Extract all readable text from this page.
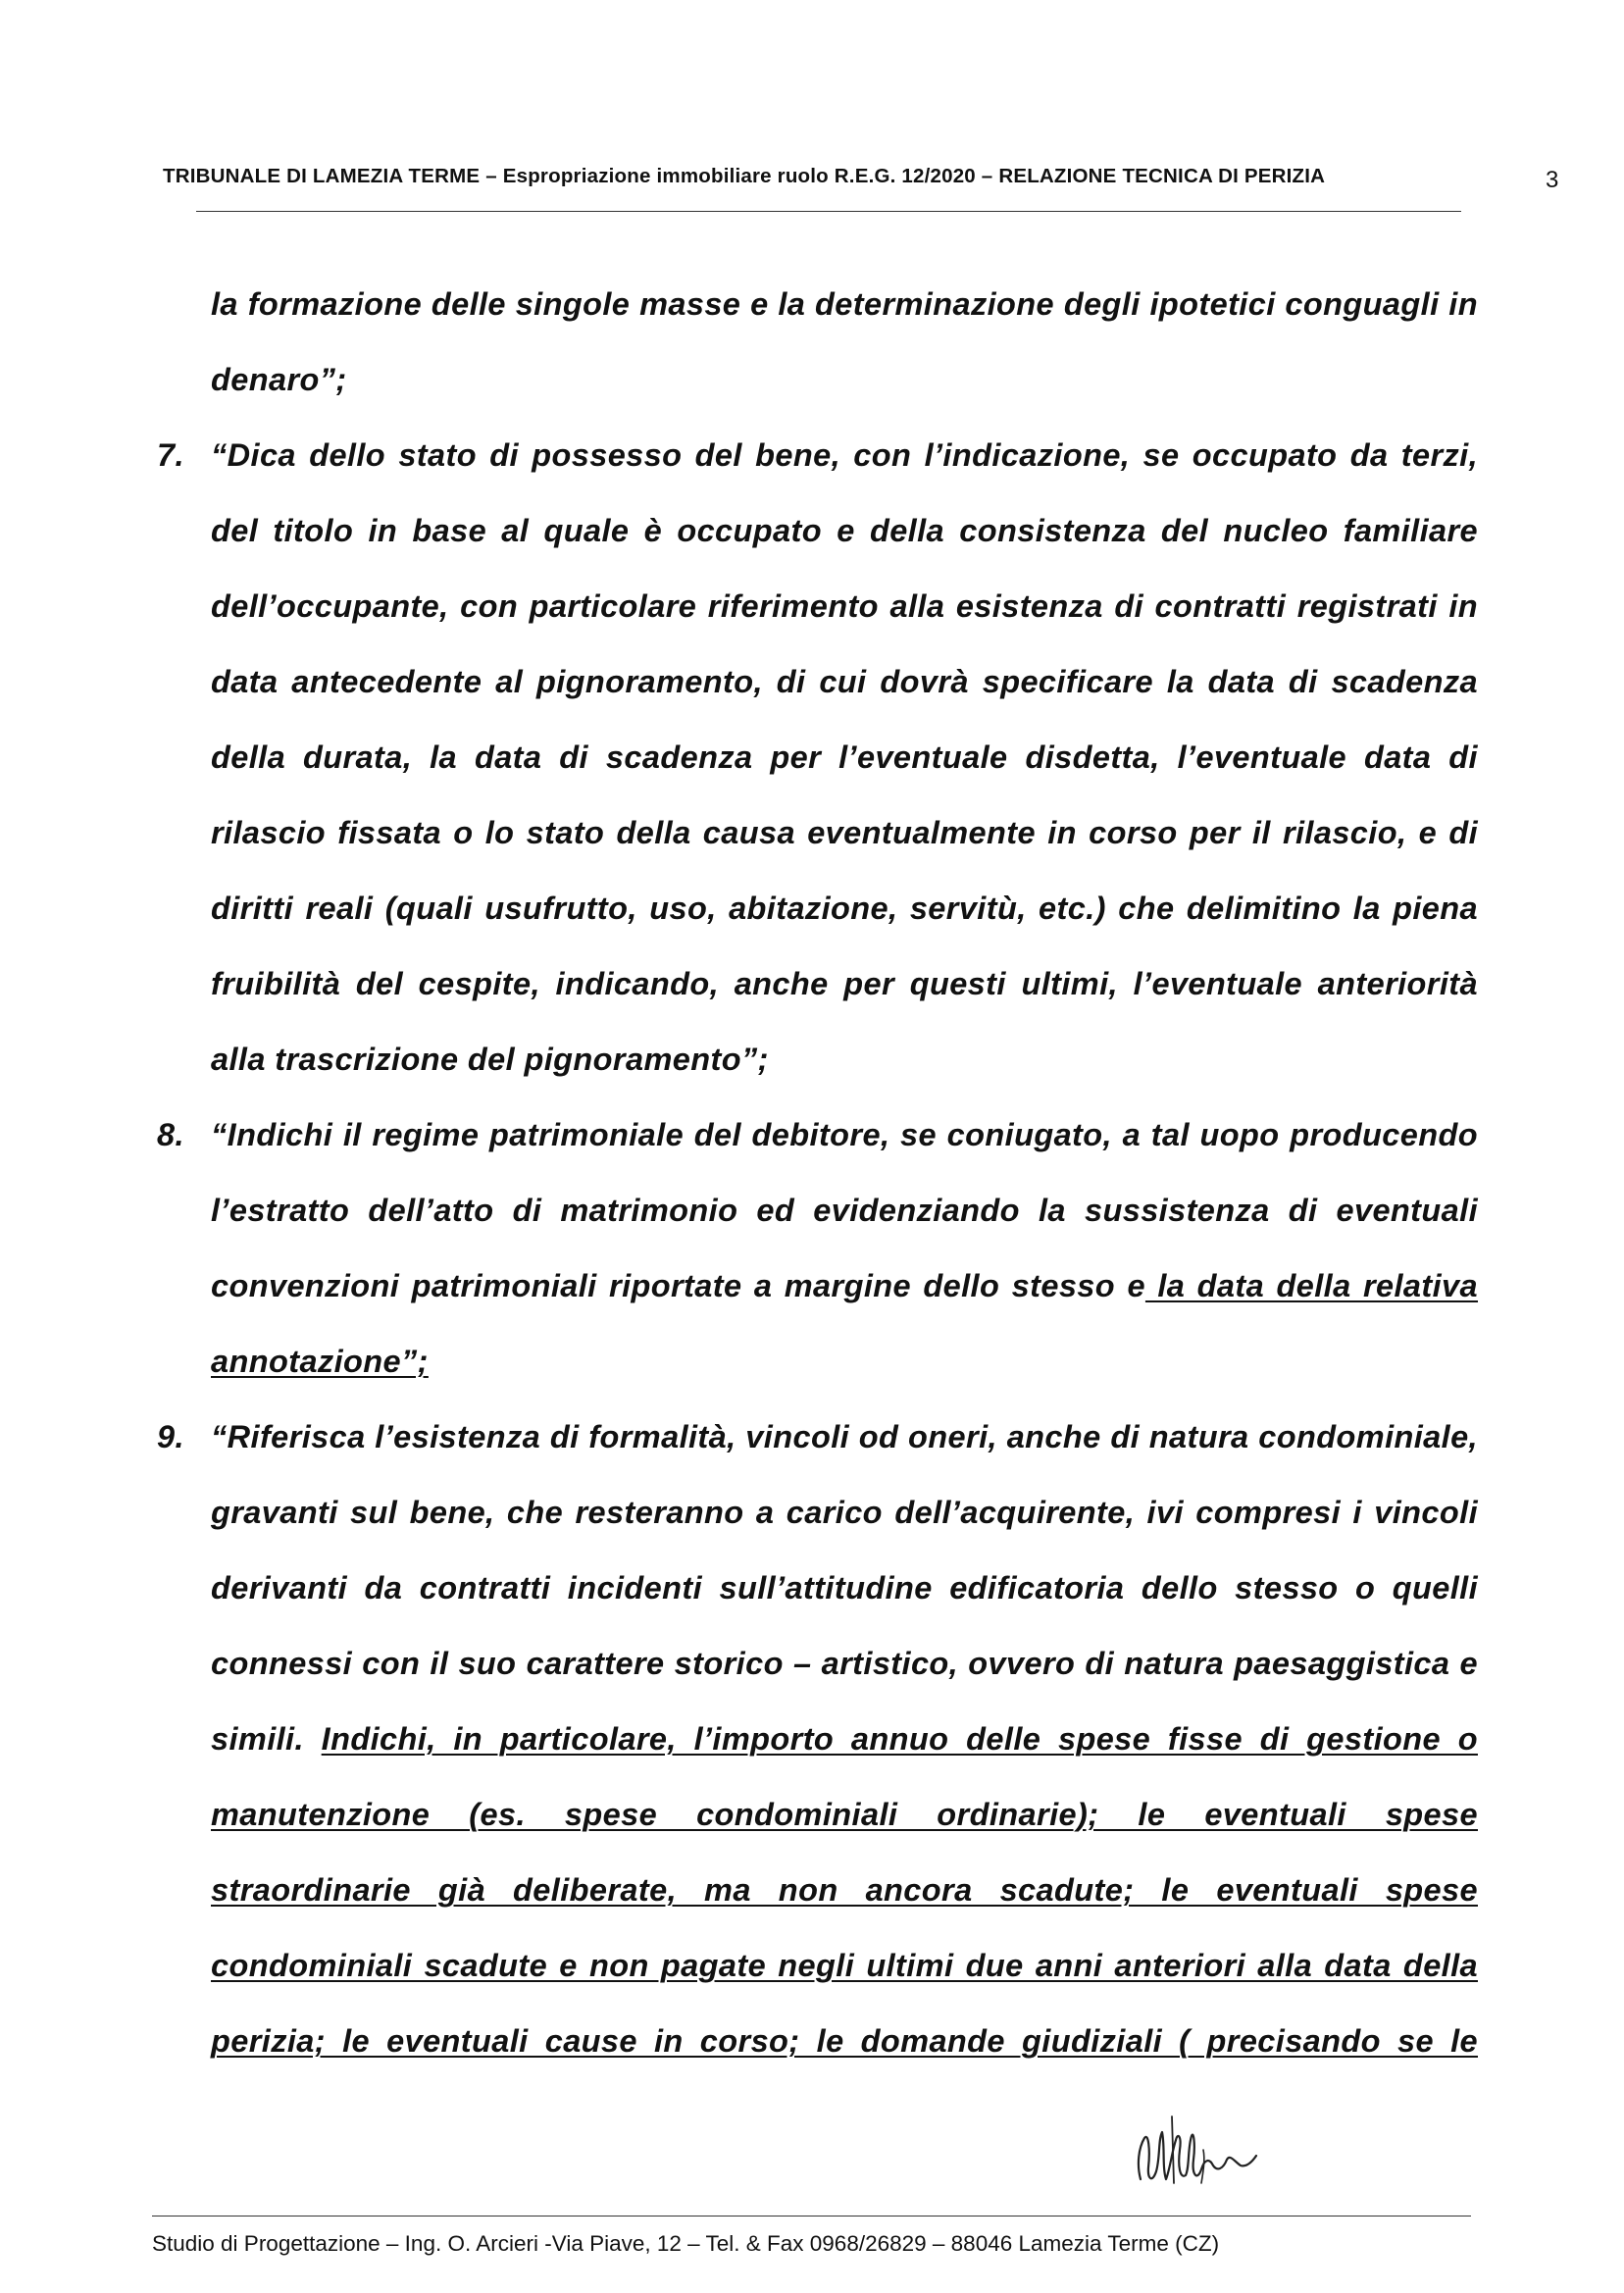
TRIBUNALE DI LAMEZIA TERME – Espropriazione immobiliare ruolo R.E.G. 12/2020 – RELAZIONE TECNICA DI PERIZIA	3
la formazione delle singole masse e la determinazione degli ipotetici conguagli in
denaro”;
7. “Dica dello stato di possesso del bene, con l’indicazione, se occupato da terzi,
del titolo in base al quale è occupato e della consistenza del nucleo familiare
dell’occupante, con particolare riferimento alla esistenza di contratti registrati in
data antecedente al pignoramento, di cui dovrà specificare la data di scadenza
della durata, la data di scadenza per l’eventuale disdetta, l’eventuale data di
rilascio fissata o lo stato della causa eventualmente in corso per il rilascio, e di
diritti reali (quali usufrutto, uso, abitazione, servitù, etc.) che delimitino la piena
fruibilità del cespite, indicando, anche per questi ultimi, l’eventuale anteriorità
alla trascrizione del pignoramento”;
8. “Indichi il regime patrimoniale del debitore, se coniugato, a tal uopo producendo
l’estratto dell’atto di matrimonio ed evidenziando la sussistenza di eventuali
convenzioni patrimoniali riportate a margine dello stesso e la data della relativa
annotazione”;
9. “Riferisca l’esistenza di formalità, vincoli od oneri, anche di natura condominiale,
gravanti sul bene, che resteranno a carico dell’acquirente, ivi compresi i vincoli
derivanti da contratti incidenti sull’attitudine edificatoria dello stesso o quelli
connessi con il suo carattere storico – artistico, ovvero di natura paesaggistica e
simili. Indichi, in particolare, l’importo annuo delle spese fisse di gestione o
manutenzione (es. spese condominiali ordinarie); le eventuali spese
straordinarie già deliberate, ma non ancora scadute; le eventuali spese
condominiali scadute e non pagate negli ultimi due anni anteriori alla data della
perizia; le eventuali cause in corso; le domande giudiziali ( precisando se le
Studio di Progettazione – Ing. O. Arcieri -Via Piave, 12 – Tel. & Fax 0968/26829 – 88046 Lamezia Terme (CZ)
